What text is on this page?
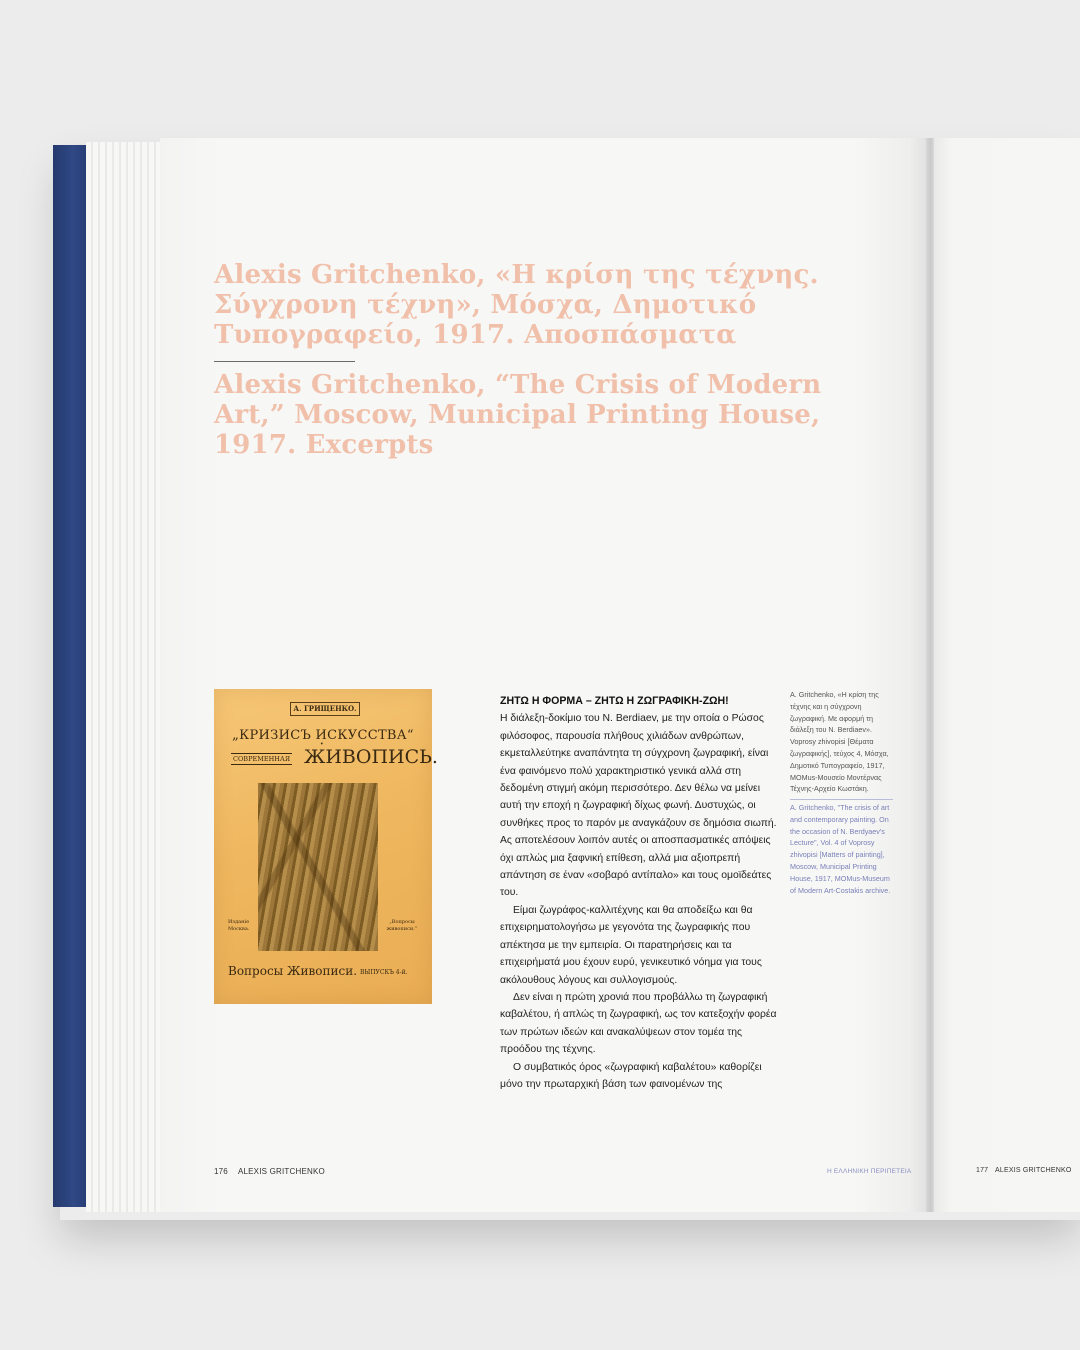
Alexis Gritchenko, «Η κρίση της τέχνης. Σύγχρονη τέχνη», Μόσχα, Δημοτικό Τυπογραφείο, 1917. Αποσπάσματα
Alexis Gritchenko, “The Crisis of Modern Art,” Moscow, Municipal Printing House, 1917. Excerpts
А. ГРИЩЕНКО.
„КРИЗИСЪ ИСКУССТВА“
•
СОВРЕМЕННАЯ ЖИВОПИСЬ.
Изданіе Москва.
„Вопросы живописи.“
Вопросы Живописи. ВЫПУСКЪ 4-й.
ΖΗΤΩ Η ΦΟΡΜΑ – ΖΗΤΩ Η ΖΩΓΡΑΦΙΚΗ-ΖΩΗ!

Η διάλεξη-δοκίμιο του N. Berdiaev, με την οποία ο Ρώσος φιλόσοφος, παρουσία πλήθους χιλιάδων ανθρώπων, εκμεταλλεύτηκε αναπάντητα τη σύγχρονη ζωγραφική, είναι ένα φαινόμενο πολύ χαρακτηριστικό γενικά αλλά στη δεδομένη στιγμή ακόμη περισσότερο. Δεν θέλω να μείνει αυτή την εποχή η ζωγραφική δίχως φωνή. Δυστυχώς, οι συνθήκες προς το παρόν με αναγκάζουν σε δημόσια σιωπή. Ας αποτελέσουν λοιπόν αυτές οι αποσπασματικές απόψεις όχι απλώς μια ξαφνική επίθεση, αλλά μια αξιοπρεπή απάντηση σε έναν «σοβαρό αντίπαλο» και τους ομοϊδεάτες του.

Είμαι ζωγράφος-καλλιτέχνης και θα αποδείξω και θα επιχειρηματολογήσω με γεγονότα της ζωγραφικής που απέκτησα με την εμπειρία. Οι παρατηρήσεις και τα επιχειρήματά μου έχουν ευρύ, γενικευτικό νόημα για τους ακόλουθους λόγους και συλλογισμούς.

Δεν είναι η πρώτη χρονιά που προβάλλω τη ζωγραφική καβαλέτου, ή απλώς τη ζωγραφική, ως τον κατεξοχήν φορέα των πρώτων ιδεών και ανακαλύψεων στον τομέα της προόδου της τέχνης.

Ο συμβατικός όρος «ζωγραφική καβαλέτου» καθορίζει μόνο την πρωταρχική βάση των φαινομένων της

A. Gritchenko, «Η κρίση της τέχνης και η σύγχρονη ζωγραφική. Με αφορμή τη διάλεξη του N. Berdiaev». Voprosy zhivopisi [Θέματα ζωγραφικής], τεύχος 4, Μόσχα, Δημοτικό Τυπογραφείο, 1917, MOMus-Μουσείο Μοντέρνας Τέχνης-Αρχείο Κωστάκη.
A. Gritchenko, "The crisis of art and contemporary painting. On the occasion of N. Berdyaev's Lecture", Vol. 4 of Voprosy zhivopisi [Matters of painting], Moscow, Municipal Printing House, 1917, MOMus-Museum of Modern Art-Costakis archive.
176 ALEXIS GRITCHENKO	Η ΕΛΛΗΝΙΚΗ ΠΕΡΙΠΕΤΕΙΑ	177 ALEXIS GRITCHENKO
